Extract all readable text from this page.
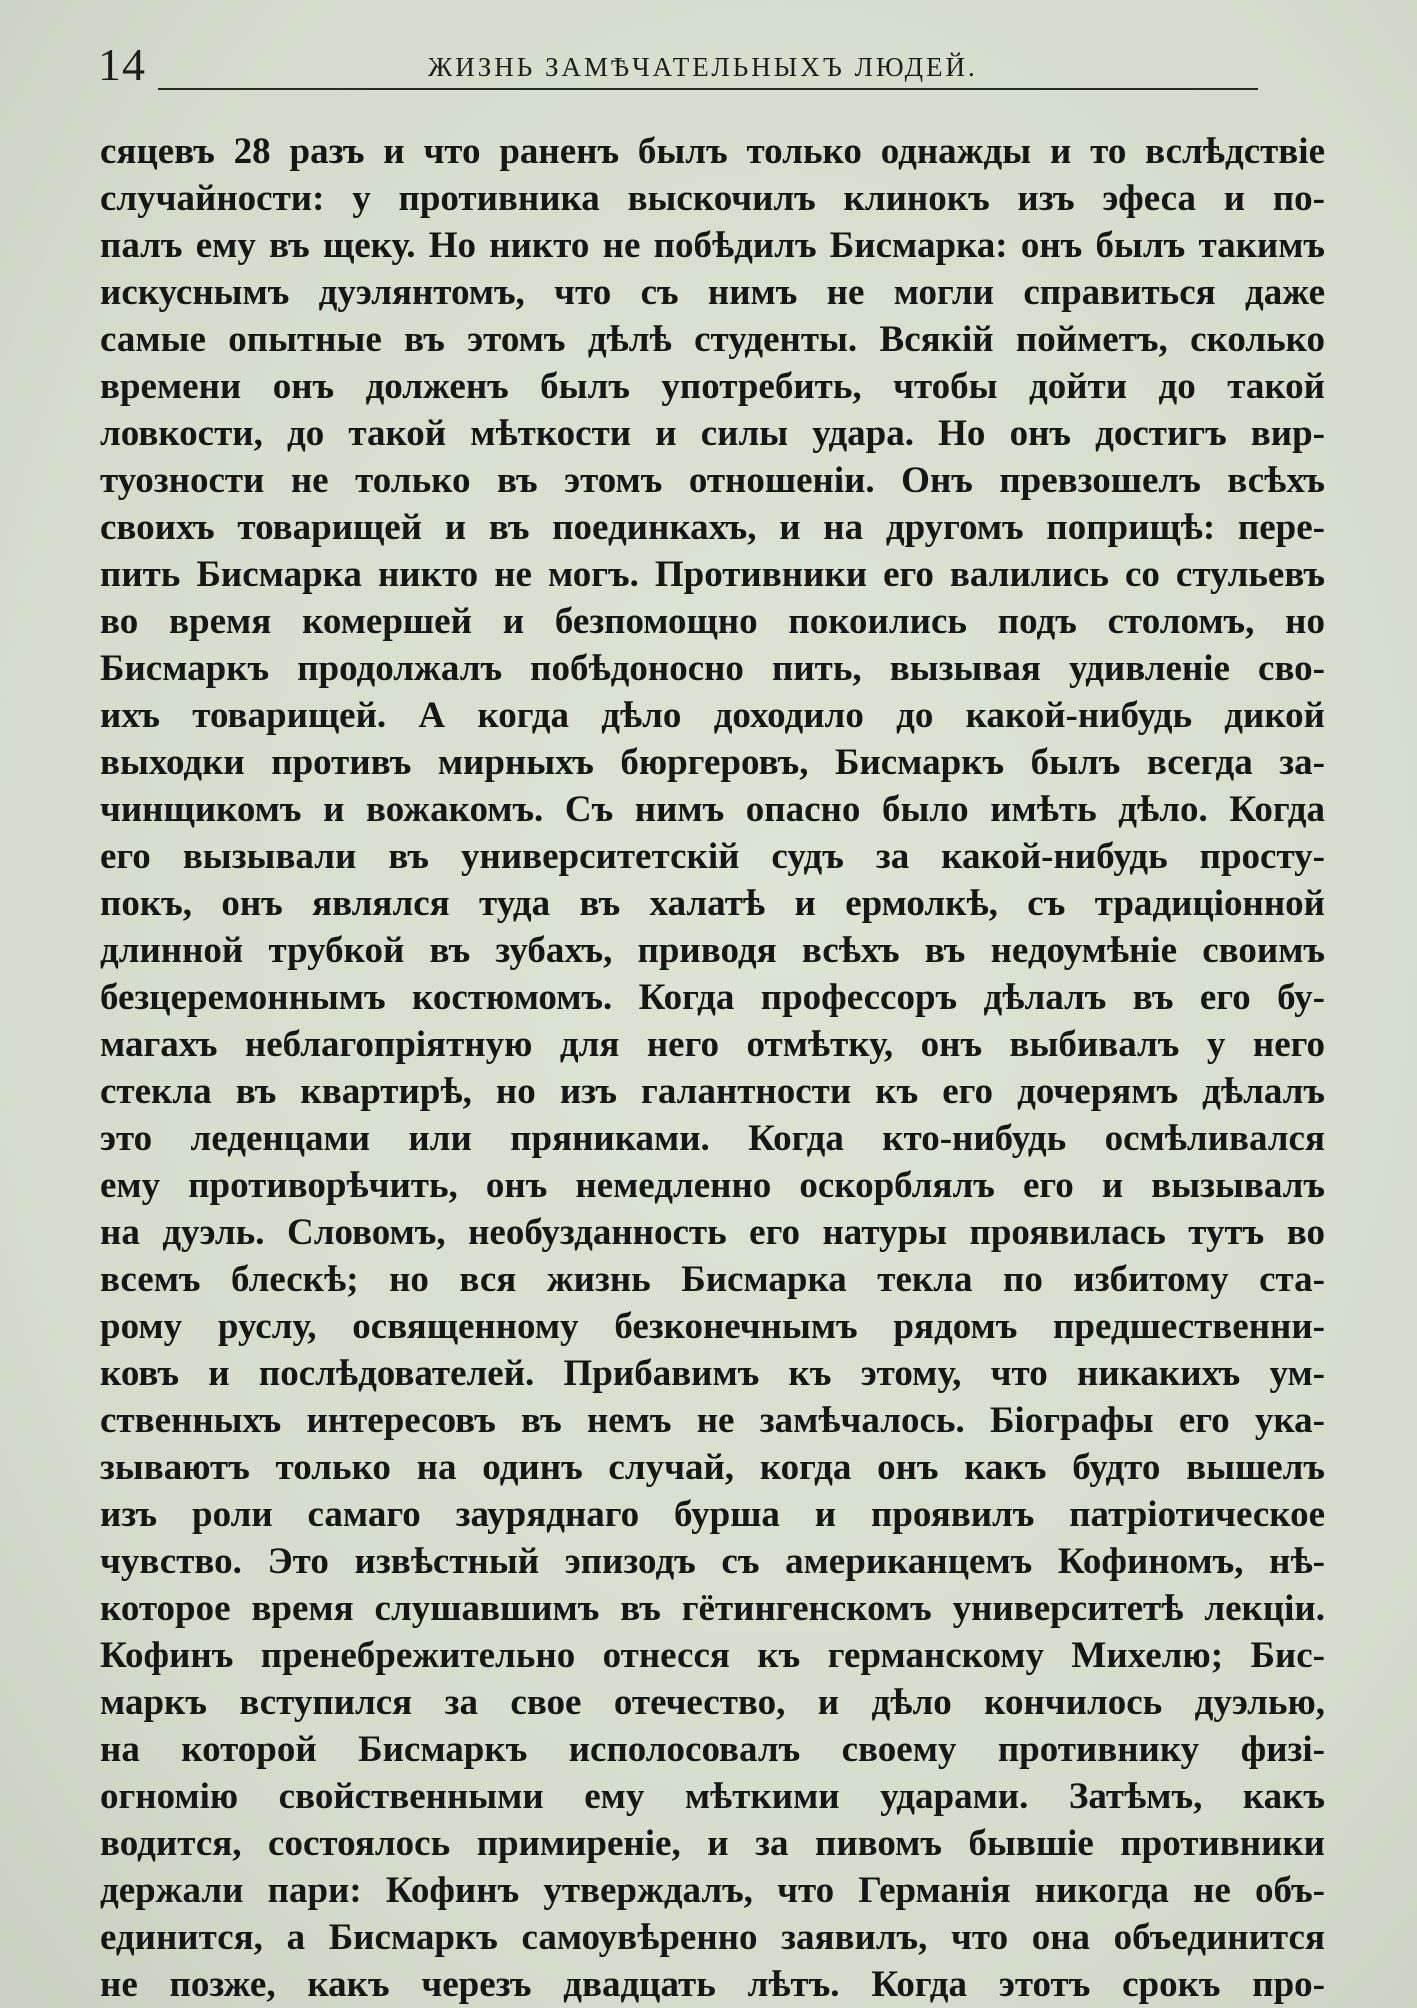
14	ЖИЗНЬ ЗАМѢЧАТЕЛЬНЫХЪ ЛЮДЕЙ.
сяцевъ 28 разъ и что раненъ былъ только однажды и то вслѣдствіе
случайности: у противника выскочилъ клинокъ изъ эфеса и по-
палъ ему въ щеку. Но никто не побѣдилъ Бисмарка: онъ былъ такимъ
искуснымъ дуэлянтомъ, что съ нимъ не могли справиться даже
самые опытные въ этомъ дѣлѣ студенты. Всякій пойметъ, сколько
времени онъ долженъ былъ употребить, чтобы дойти до такой
ловкости, до такой мѣткости и силы удара. Но онъ достигъ вир-
туозности не только въ этомъ отношеніи. Онъ превзошелъ всѣхъ
своихъ товарищей и въ поединкахъ, и на другомъ поприщѣ: пере-
пить Бисмарка никто не могъ. Противники его валились со стульевъ
во время комершей и безпомощно покоились подъ столомъ, но
Бисмаркъ продолжалъ побѣдоносно пить, вызывая удивленіе сво-
ихъ товарищей. А когда дѣло доходило до какой-нибудь дикой
выходки противъ мирныхъ бюргеровъ, Бисмаркъ былъ всегда за-
чинщикомъ и вожакомъ. Съ нимъ опасно было имѣть дѣло. Когда
его вызывали въ университетскій судъ за какой-нибудь просту-
покъ, онъ являлся туда въ халатѣ и ермолкѣ, съ традиціонной
длинной трубкой въ зубахъ, приводя всѣхъ въ недоумѣніе своимъ
безцеремоннымъ костюмомъ. Когда профессоръ дѣлалъ въ его бу-
магахъ неблагопріятную для него отмѣтку, онъ выбивалъ у него
стекла въ квартирѣ, но изъ галантности къ его дочерямъ дѣлалъ
это леденцами или пряниками. Когда кто-нибудь осмѣливался
ему противорѣчить, онъ немедленно оскорблялъ его и вызывалъ
на дуэль. Словомъ, необузданность его натуры проявилась тутъ во
всемъ блескѣ; но вся жизнь Бисмарка текла по избитому ста-
рому руслу, освященному безконечнымъ рядомъ предшественни-
ковъ и послѣдователей. Прибавимъ къ этому, что никакихъ ум-
ственныхъ интересовъ въ немъ не замѣчалось. Біографы его ука-
зываютъ только на одинъ случай, когда онъ какъ будто вышелъ
изъ роли самаго зауряднаго бурша и проявилъ патріотическое
чувство. Это извѣстный эпизодъ съ американцемъ Кофиномъ, нѣ-
которое время слушавшимъ въ гётингенскомъ университетѣ лекціи.
Кофинъ пренебрежительно отнесся къ германскому Михелю; Бис-
маркъ вступился за свое отечество, и дѣло кончилось дуэлью,
на которой Бисмаркъ исполосовалъ своему противнику физі-
огномію свойственными ему мѣткими ударами. Затѣмъ, какъ
водится, состоялось примиреніе, и за пивомъ бывшіе противники
держали пари: Кофинъ утверждалъ, что Германія никогда не объ-
единится, а Бисмаркъ самоувѣренно заявилъ, что она объединится
не позже, какъ черезъ двадцать лѣтъ. Когда этотъ срокъ про-
